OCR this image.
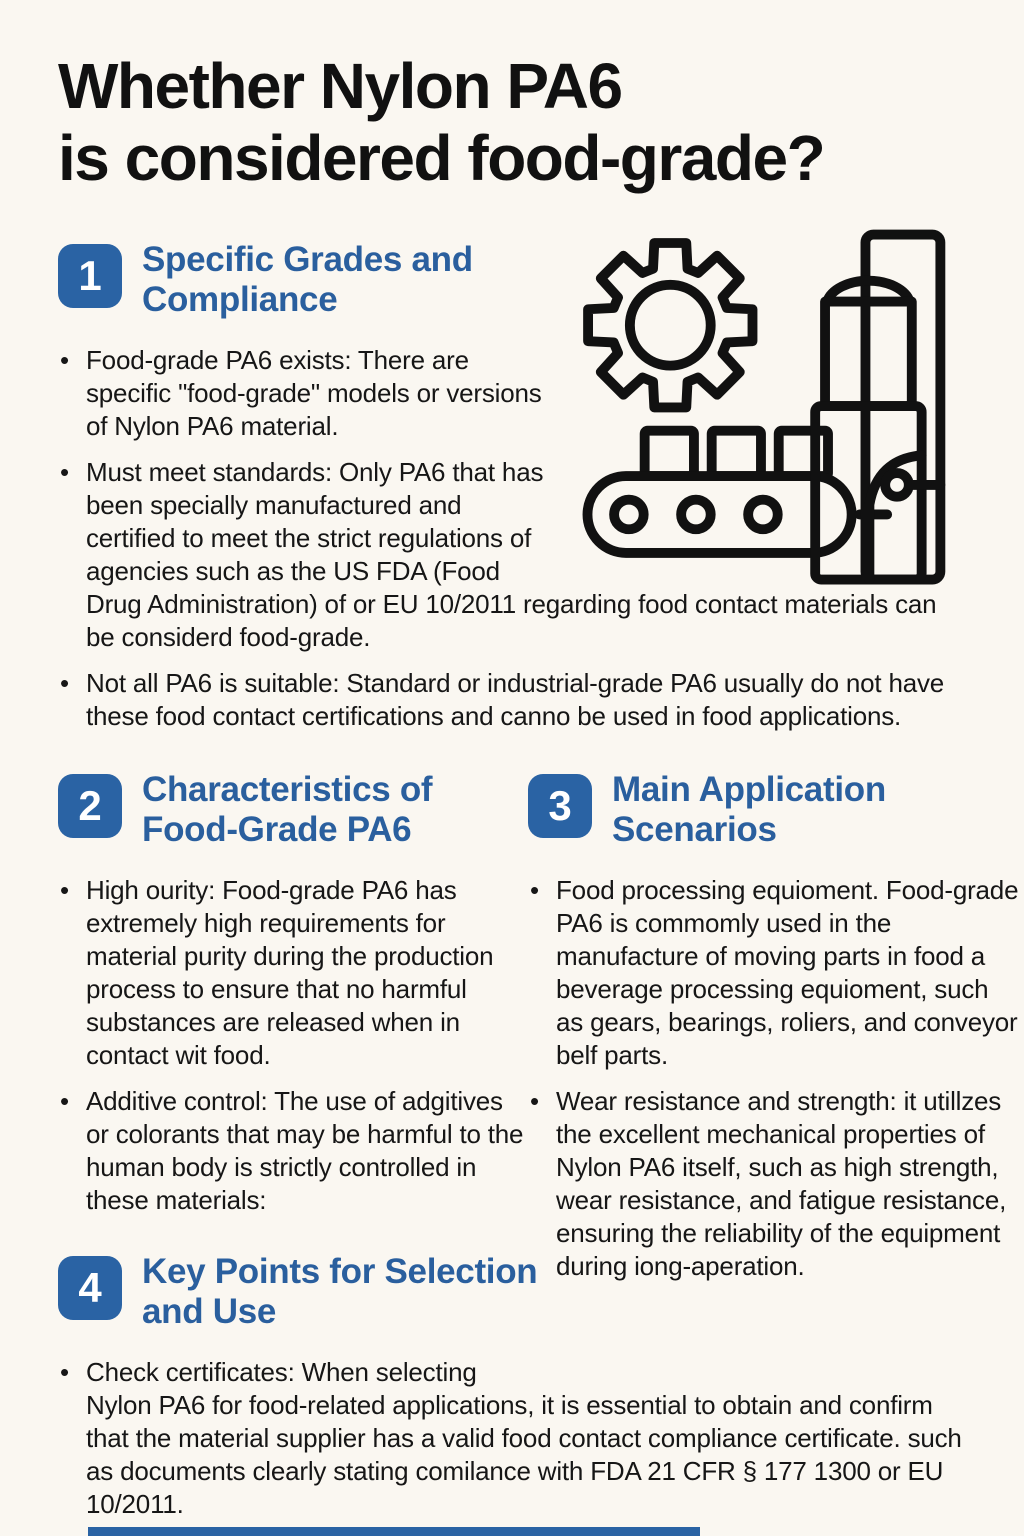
Whether Nylon PA6
is considered food-grade?
1	Specific Grades and Compliance
• Food-grade PA6 exists: There are specific "food-grade" models or versions of Nylon PA6 material.
• Must meet standards: Only PA6 that has been specially manufactured and certified to meet the strict regulations of agencies such as the US FDA (Food Drug Administration) of or EU 10/2011 regarding food contact materials can be considerd food-grade.
• Not all PA6 is suitable: Standard or industrial-grade PA6 usually do not have these food contact certifications and canno be used in food applications.
2	Characteristics of Food-Grade PA6
• High ourity: Food-grade PA6 has extremely high requirements for material purity during the production process to ensure that no harmful substances are released when in contact wit food.
• Additive control: The use of adgitives or colorants that may be harmful to the human body is strictly controlled in these materials:
3	Main Application Scenarios
• Food processing equioment. Food-grade PA6 is commomly used in the manufacture of moving parts in food a beverage processing equioment, such as gears, bearings, roliers, and conveyor belf parts.
• Wear resistance and strength: it utillzes the excellent mechanical properties of Nylon PA6 itself, such as high strength, wear resistance, and fatigue resistance, ensuring the reliability of the equipment during iong-aperation.
4	Key Points for Selection and Use
• Check certificates: When selecting Nylon PA6 for food-related applications, it is essential to obtain and confirm that the material supplier has a valid food contact compliance certificate. such as documents clearly stating comilance with FDA 21 CFR § 177 1300 or EU 10/2011.
